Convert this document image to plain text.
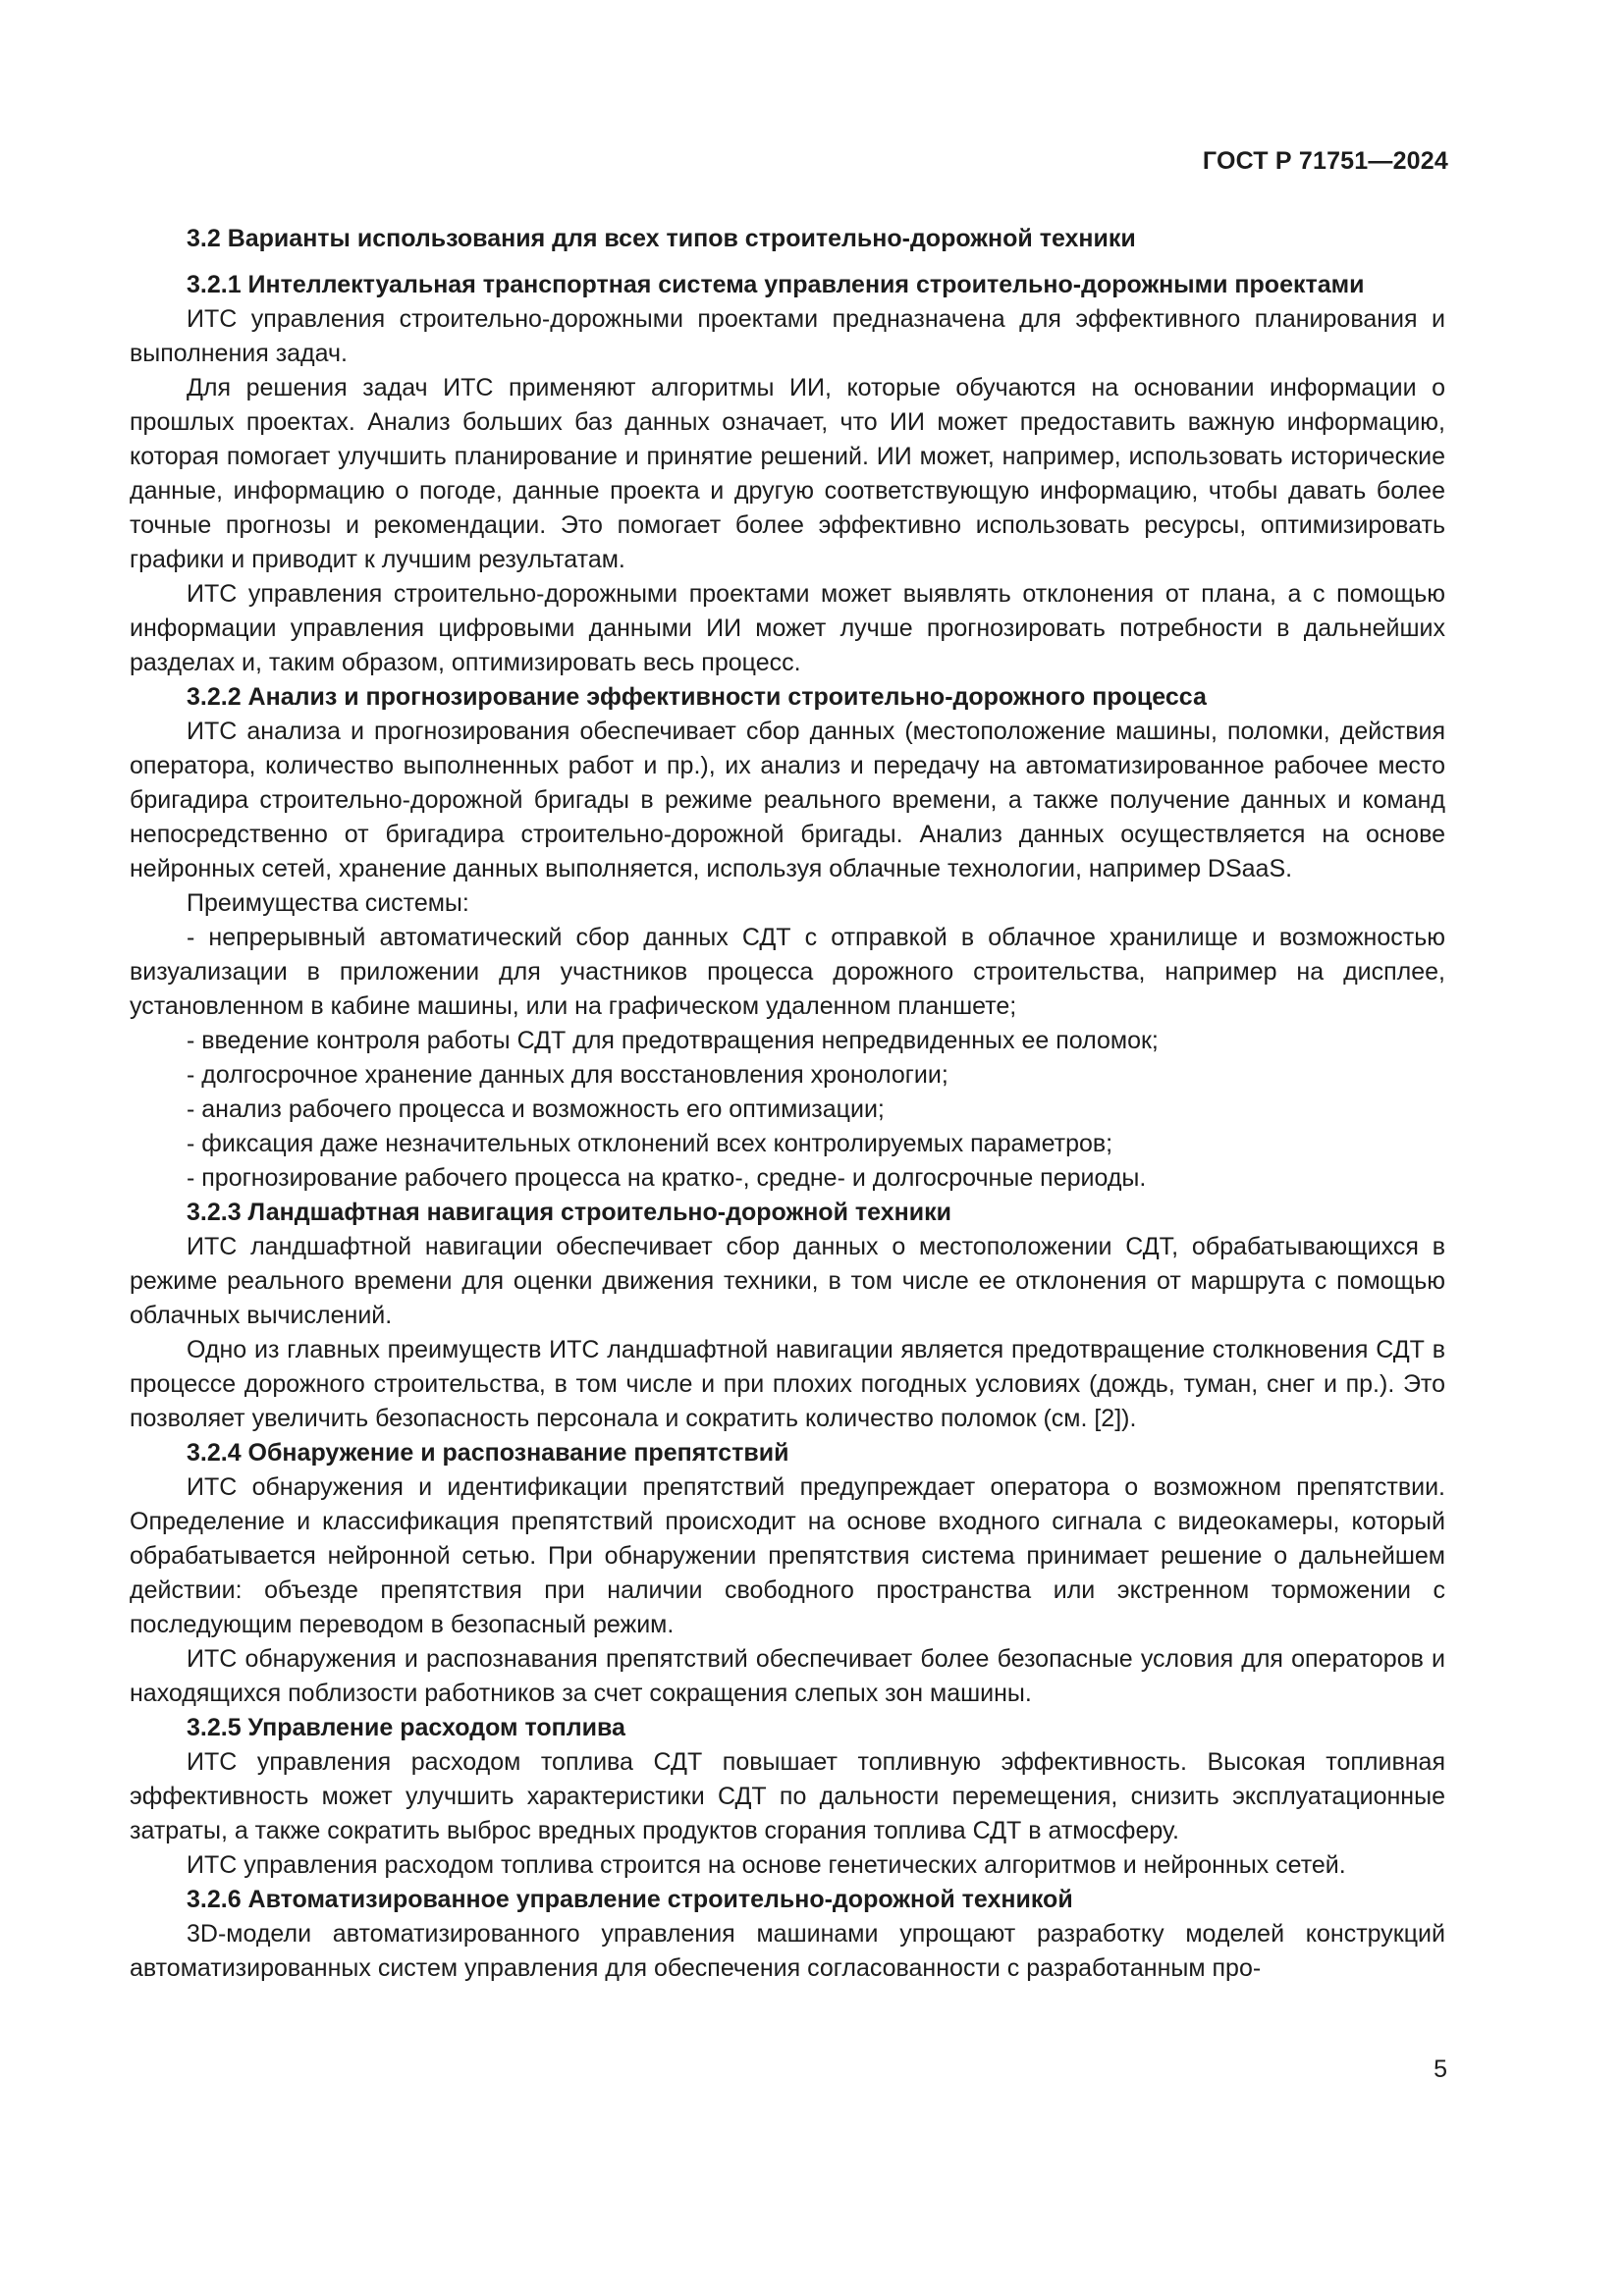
ГОСТ Р 71751—2024

3.2 Варианты использования для всех типов строительно-дорожной техники

3.2.1 Интеллектуальная транспортная система управления строительно-дорожными проектами

ИТС управления строительно-дорожными проектами предназначена для эффективного планирования и выполнения задач.

Для решения задач ИТС применяют алгоритмы ИИ, которые обучаются на основании информации о прошлых проектах. Анализ больших баз данных означает, что ИИ может предоставить важную информацию, которая помогает улучшить планирование и принятие решений. ИИ может, например, использовать исторические данные, информацию о погоде, данные проекта и другую соответствующую информацию, чтобы давать более точные прогнозы и рекомендации. Это помогает более эффективно использовать ресурсы, оптимизировать графики и приводит к лучшим результатам.

ИТС управления строительно-дорожными проектами может выявлять отклонения от плана, а с помощью информации управления цифровыми данными ИИ может лучше прогнозировать потребности в дальнейших разделах и, таким образом, оптимизировать весь процесс.

3.2.2 Анализ и прогнозирование эффективности строительно-дорожного процесса

ИТС анализа и прогнозирования обеспечивает сбор данных (местоположение машины, поломки, действия оператора, количество выполненных работ и пр.), их анализ и передачу на автоматизированное рабочее место бригадира строительно-дорожной бригады в режиме реального времени, а также получение данных и команд непосредственно от бригадира строительно-дорожной бригады. Анализ данных осуществляется на основе нейронных сетей, хранение данных выполняется, используя облачные технологии, например DSaaS.

Преимущества системы:

- непрерывный автоматический сбор данных СДТ с отправкой в облачное хранилище и возможностью визуализации в приложении для участников процесса дорожного строительства, например на дисплее, установленном в кабине машины, или на графическом удаленном планшете;

- введение контроля работы СДТ для предотвращения непредвиденных ее поломок;

- долгосрочное хранение данных для восстановления хронологии;

- анализ рабочего процесса и возможность его оптимизации;

- фиксация даже незначительных отклонений всех контролируемых параметров;

- прогнозирование рабочего процесса на кратко-, средне- и долгосрочные периоды.

3.2.3 Ландшафтная навигация строительно-дорожной техники

ИТС ландшафтной навигации обеспечивает сбор данных о местоположении СДТ, обрабатывающихся в режиме реального времени для оценки движения техники, в том числе ее отклонения от маршрута с помощью облачных вычислений.

Одно из главных преимуществ ИТС ландшафтной навигации является предотвращение столкновения СДТ в процессе дорожного строительства, в том числе и при плохих погодных условиях (дождь, туман, снег и пр.). Это позволяет увеличить безопасность персонала и сократить количество поломок (см. [2]).

3.2.4 Обнаружение и распознавание препятствий

ИТС обнаружения и идентификации препятствий предупреждает оператора о возможном препятствии. Определение и классификация препятствий происходит на основе входного сигнала с видеокамеры, который обрабатывается нейронной сетью. При обнаружении препятствия система принимает решение о дальнейшем действии: объезде препятствия при наличии свободного пространства или экстренном торможении с последующим переводом в безопасный режим.

ИТС обнаружения и распознавания препятствий обеспечивает более безопасные условия для операторов и находящихся поблизости работников за счет сокращения слепых зон машины.

3.2.5 Управление расходом топлива

ИТС управления расходом топлива СДТ повышает топливную эффективность. Высокая топливная эффективность может улучшить характеристики СДТ по дальности перемещения, снизить эксплуатационные затраты, а также сократить выброс вредных продуктов сгорания топлива СДТ в атмосферу.

ИТС управления расходом топлива строится на основе генетических алгоритмов и нейронных сетей.

3.2.6 Автоматизированное управление строительно-дорожной техникой

3D-модели автоматизированного управления машинами упрощают разработку моделей конструкций автоматизированных систем управления для обеспечения согласованности с разработанным про-

5
